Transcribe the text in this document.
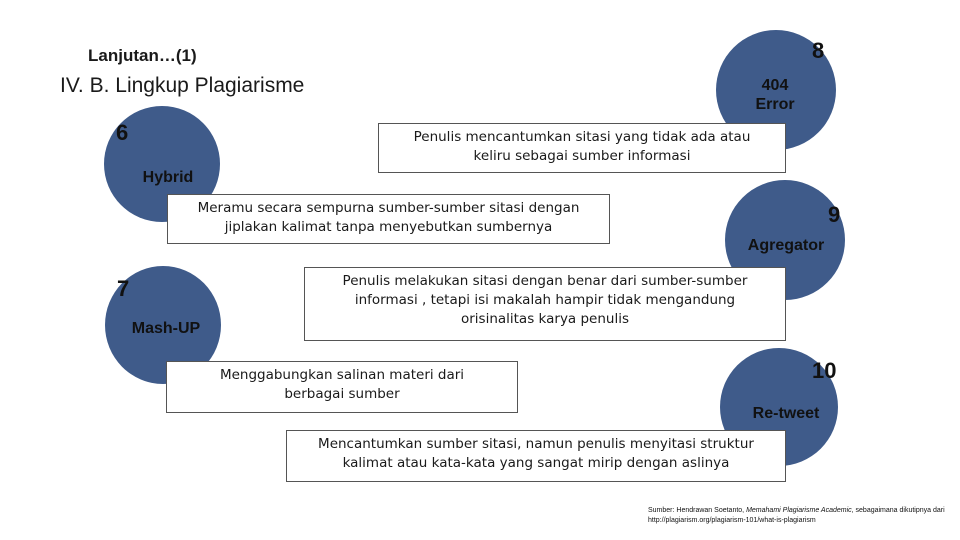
Lanjutan…(1)
IV. B. Lingkup Plagiarisme
6
Hybrid
Meramu secara sempurna sumber-sumber sitasi dengan jiplakan kalimat tanpa menyebutkan sumbernya
7
Mash-UP
Menggabungkan salinan materi dari berbagai sumber
8
404 Error
Penulis mencantumkan sitasi yang tidak ada atau keliru sebagai sumber informasi
9
Agregator
Penulis melakukan sitasi dengan benar dari sumber-sumber informasi , tetapi isi makalah hampir tidak mengandung orisinalitas karya penulis
10
Re-tweet
Mencantumkan sumber sitasi, namun penulis menyitasi struktur kalimat atau kata-kata yang sangat mirip dengan aslinya
Sumber: Hendrawan Soetanto, Memahami Plagiarisme Academic, sebagaimana dikutipnya dari http://plagiarism.org/plagiarism-101/what-is-plagiarism
